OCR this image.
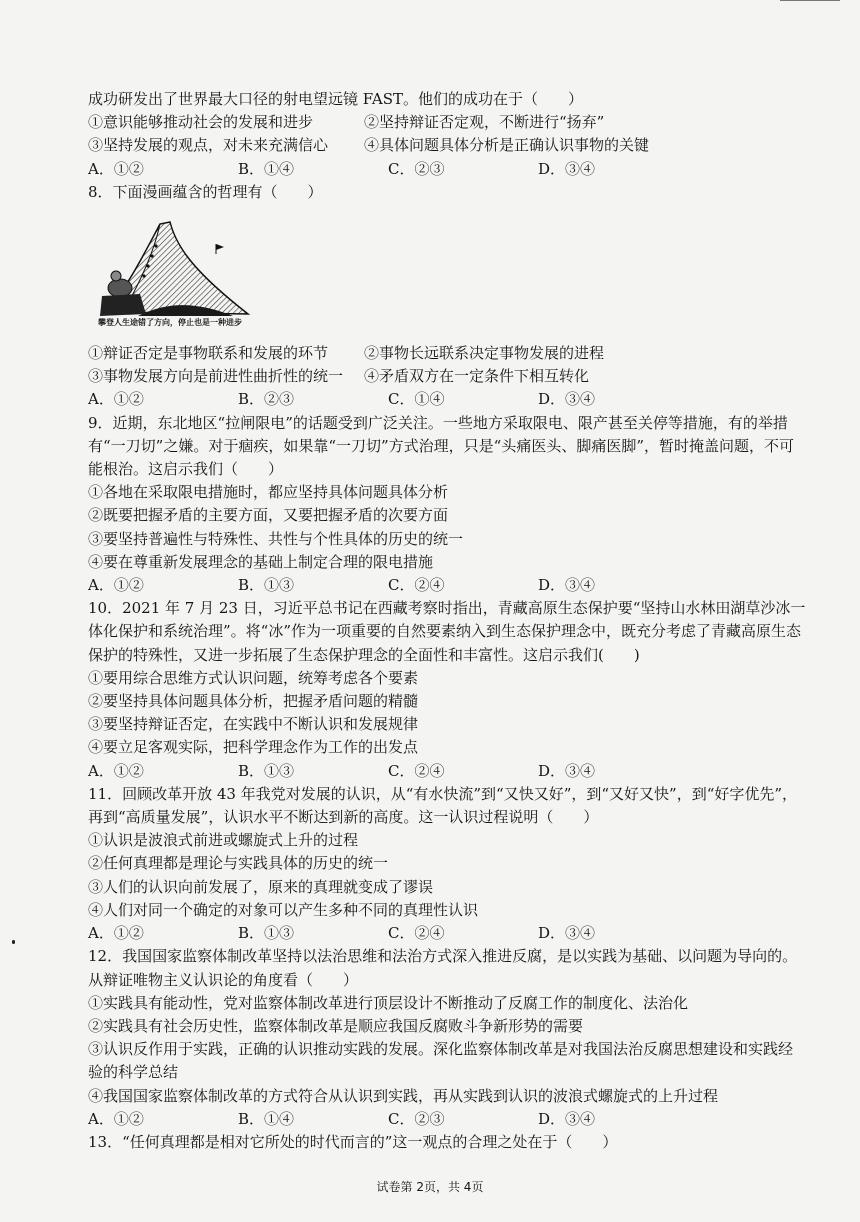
成功研发出了世界最大口径的射电望远镜 FAST。他们的成功在于（　　）
①意识能够推动社会的发展和进步	②坚持辩证否定观，不断进行“扬弃”
③坚持发展的观点，对未来充满信心	④具体问题具体分析是正确认识事物的关键
A．①②	B．①④	C．②③	D．③④
8．下面漫画蕴含的哲理有（　　）
攀登人生途错了方向，停止也是一种进步
①辩证否定是事物联系和发展的环节	②事物长远联系决定事物发展的进程
③事物发展方向是前进性曲折性的统一	④矛盾双方在一定条件下相互转化
A．①②	B．②③	C．①④	D．③④
9．近期，东北地区“拉闸限电”的话题受到广泛关注。一些地方采取限电、限产甚至关停等措施，有的举措有“一刀切”之嫌。对于痼疾，如果靠“一刀切”方式治理，只是“头痛医头、脚痛医脚”，暂时掩盖问题，不可能根治。这启示我们（　　）
①各地在采取限电措施时，都应坚持具体问题具体分析
②既要把握矛盾的主要方面，又要把握矛盾的次要方面
③要坚持普遍性与特殊性、共性与个性具体的历史的统一
④要在尊重新发展理念的基础上制定合理的限电措施
A．①②	B．①③	C．②④	D．③④
10．2021 年 7 月 23 日，习近平总书记在西藏考察时指出，青藏高原生态保护要“坚持山水林田湖草沙冰一体化保护和系统治理”。将“冰”作为一项重要的自然要素纳入到生态保护理念中，既充分考虑了青藏高原生态保护的特殊性，又进一步拓展了生态保护理念的全面性和丰富性。这启示我们(　　)
①要用综合思维方式认识问题，统筹考虑各个要素
②要坚持具体问题具体分析，把握矛盾问题的精髓
③要坚持辩证否定，在实践中不断认识和发展规律
④要立足客观实际，把科学理念作为工作的出发点
A．①②	B．①③	C．②④	D．③④
11．回顾改革开放 43 年我党对发展的认识，从“有水快流”到“又快又好”，到“又好又快”，到“好字优先”，再到“高质量发展”，认识水平不断达到新的高度。这一认识过程说明（　　）
①认识是波浪式前进或螺旋式上升的过程
②任何真理都是理论与实践具体的历史的统一
③人们的认识向前发展了，原来的真理就变成了谬误
④人们对同一个确定的对象可以产生多种不同的真理性认识
A．①②	B．①③	C．②④	D．③④
12．我国国家监察体制改革坚持以法治思维和法治方式深入推进反腐，是以实践为基础、以问题为导向的。从辩证唯物主义认识论的角度看（　　）
①实践具有能动性，党对监察体制改革进行顶层设计不断推动了反腐工作的制度化、法治化
②实践具有社会历史性，监察体制改革是顺应我国反腐败斗争新形势的需要
③认识反作用于实践，正确的认识推动实践的发展。深化监察体制改革是对我国法治反腐思想建设和实践经验的科学总结
④我国国家监察体制改革的方式符合从认识到实践，再从实践到认识的波浪式螺旋式的上升过程
A．①②	B．①④	C．②③	D．③④
13．“任何真理都是相对它所处的时代而言的”这一观点的合理之处在于（　　）
试卷第 2页，共 4页
